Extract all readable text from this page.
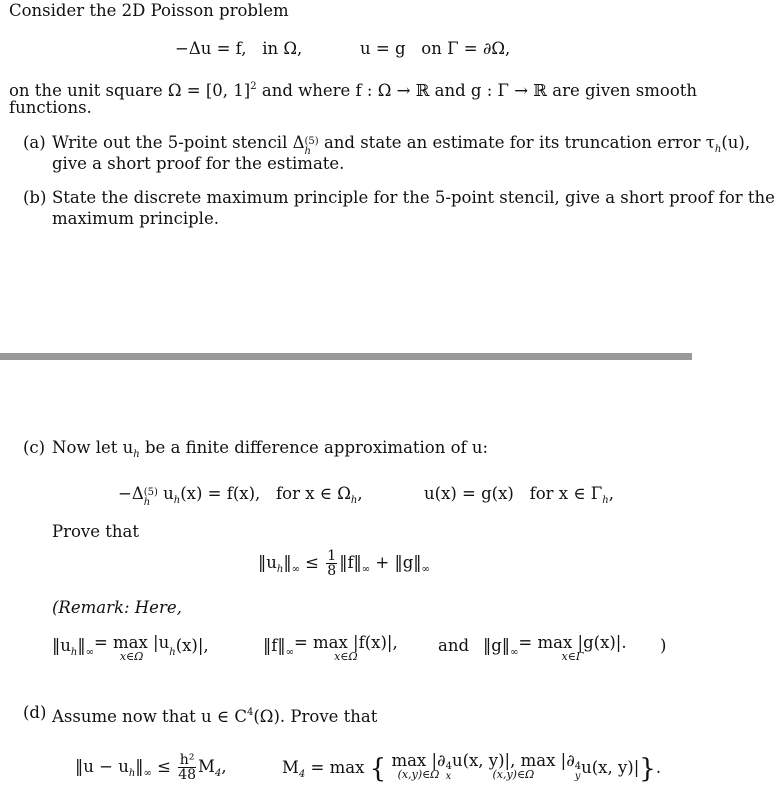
Consider the 2D Poisson problem
−Δu = f, in Ω,	u = g on Γ = ∂Ω,
on the unit square Ω = [0, 1]$^2$ and where f : Ω → ℝ and g : Γ → ℝ are given smooth
functions.
(a) Write out the 5-point stencil Δ (5)
h and state an estimate for its truncation error $\tau_h(u)$,
give a short proof for the estimate.
(b) State the discrete maximum principle for the 5-point stencil, give a short proof for the
maximum principle.
(c) Now let $u_h$ be a finite difference approximation of u:
−Δ (5)
h $u_h(x) = f(x)$, for x ∈ $\Omega_h$,	u(x) = g(x) for x ∈ $\Gamma_h$,
Prove that
$‖u_h‖_\infty \le \frac{1}{8}$ $‖f‖_\infty$ + $‖g‖_\infty$
(Remark: Here,
$‖u_h‖_\infty= \max |u$
x∈Ω	$_h$(x)|,	$‖f‖_\infty= \max |f(x)|$,
x∈Ω
and $‖g‖_\infty= \max |g(x)|$.
x∈Γ
)
(d) Assume now that u ∈ $C^4(\Omega)$. Prove that
‖u − $u_h‖_\infty \le \frac{\text{h²}}{48} M_4$,	$M_4 = \max$ { max |∂
(x,y)∈Ω
4
x
u(x, y)|, max |∂
(x,y)∈Ω
4
y u(x, y)|}.
